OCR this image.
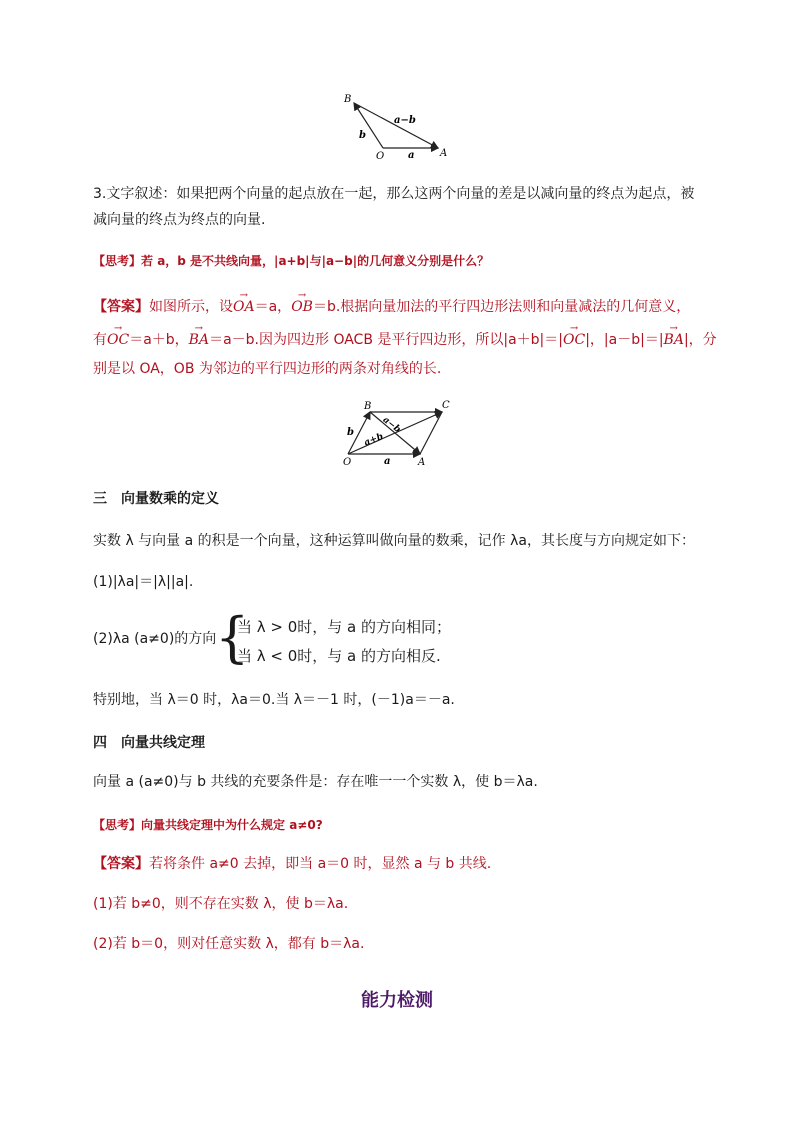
B
O	A
b
a
a−b
3.文字叙述：如果把两个向量的起点放在一起，那么这两个向量的差是以减向量的终点为起点，被
减向量的终点为终点的向量.
【思考】若 a，b 是不共线向量，|a+b|与|a−b|的几何意义分别是什么？
【答案】如图所示，设→ OA＝a，→ OB＝b.根据向量加法的平行四边形法则和向量减法的几何意义，
有→ OC＝a＋b，→ BA＝a－b.因为四边形 OACB 是平行四边形，所以|a＋b|＝|→ OC|，|a－b|＝|→ BA|，分
别是以 OA，OB 为邻边的平行四边形的两条对角线的长.
B	C
O	A
b
a
a−b
a+b
三　向量数乘的定义
实数 λ 与向量 a 的积是一个向量，这种运算叫做向量的数乘，记作 λa，其长度与方向规定如下：
(1)|λa|＝|λ||a|.
(2)λa (a≠0)的方向
{
当 λ > 0时，与 a 的方向相同；
当 λ < 0时，与 a 的方向相反.
特别地，当 λ＝0 时，λa＝0.当 λ＝－1 时，(－1)a＝－a.
四　向量共线定理
向量 a (a≠0)与 b 共线的充要条件是：存在唯一一个实数 λ，使 b＝λa.
【思考】向量共线定理中为什么规定 a≠0?
【答案】若将条件 a≠0 去掉，即当 a＝0 时，显然 a 与 b 共线.
(1)若 b≠0，则不存在实数 λ，使 b＝λa.
(2)若 b＝0，则对任意实数 λ，都有 b＝λa.
能力检测
